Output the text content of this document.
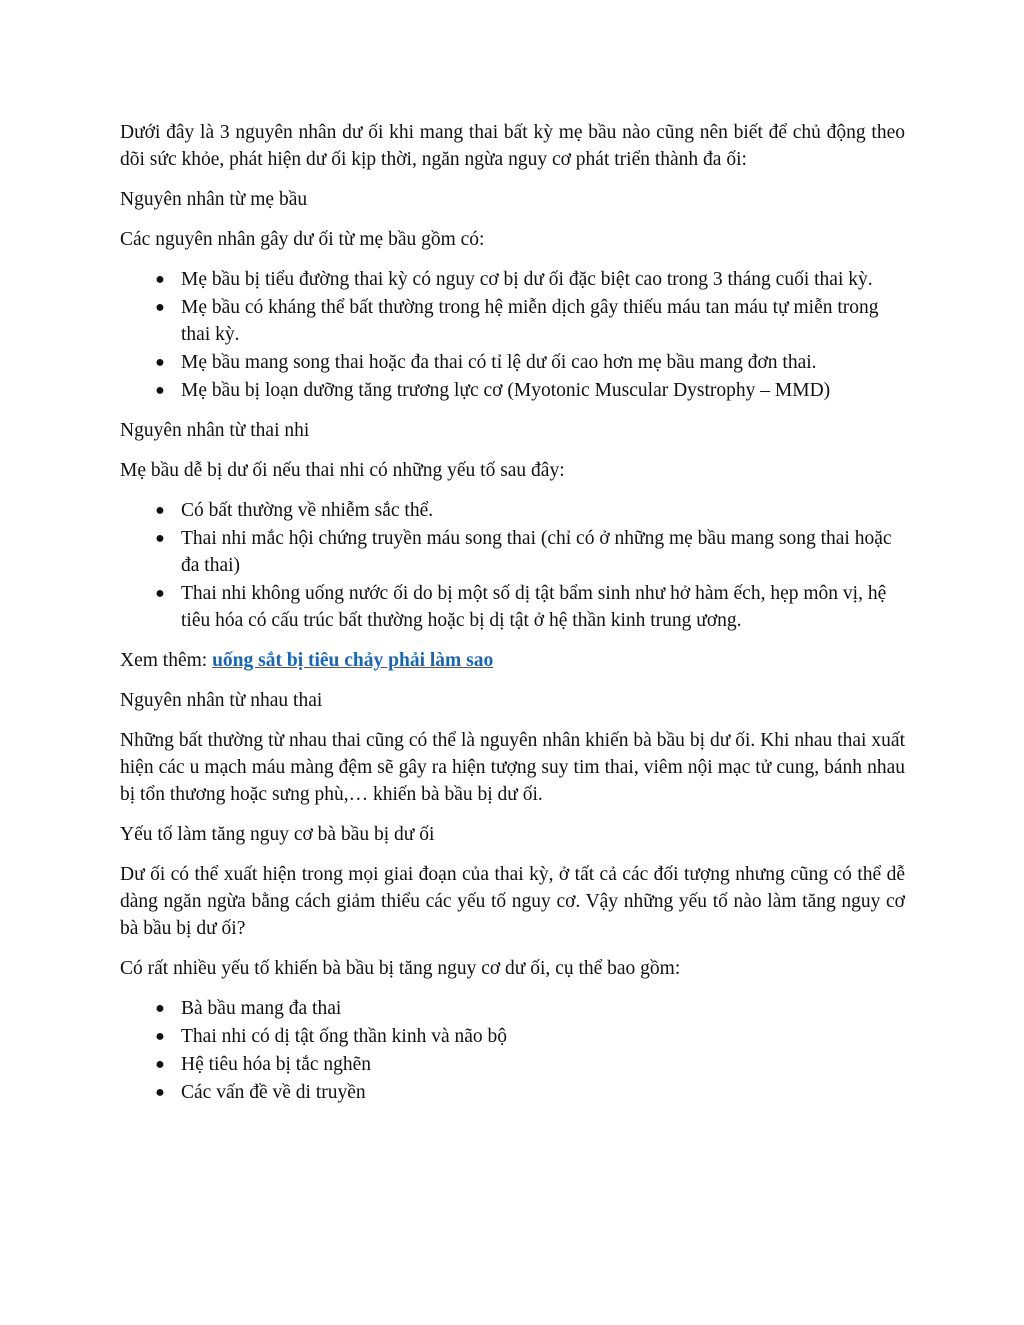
Dưới đây là 3 nguyên nhân dư ối khi mang thai bất kỳ mẹ bầu nào cũng nên biết để chủ động theo dõi sức khỏe, phát hiện dư ối kịp thời, ngăn ngừa nguy cơ phát triển thành đa ối:

Nguyên nhân từ mẹ bầu

Các nguyên nhân gây dư ối từ mẹ bầu gồm có:

● Mẹ bầu bị tiểu đường thai kỳ có nguy cơ bị dư ối đặc biệt cao trong 3 tháng cuối thai kỳ.
● Mẹ bầu có kháng thể bất thường trong hệ miễn dịch gây thiếu máu tan máu tự miễn trong thai kỳ.
● Mẹ bầu mang song thai hoặc đa thai có tỉ lệ dư ối cao hơn mẹ bầu mang đơn thai.
● Mẹ bầu bị loạn dưỡng tăng trương lực cơ (Myotonic Muscular Dystrophy – MMD)

Nguyên nhân từ thai nhi

Mẹ bầu dễ bị dư ối nếu thai nhi có những yếu tố sau đây:

● Có bất thường về nhiễm sắc thể.
● Thai nhi mắc hội chứng truyền máu song thai (chỉ có ở những mẹ bầu mang song thai hoặc đa thai)
● Thai nhi không uống nước ối do bị một số dị tật bẩm sinh như hở hàm ếch, hẹp môn vị, hệ tiêu hóa có cấu trúc bất thường hoặc bị dị tật ở hệ thần kinh trung ương.

Xem thêm: uống sắt bị tiêu chảy phải làm sao

Nguyên nhân từ nhau thai

Những bất thường từ nhau thai cũng có thể là nguyên nhân khiến bà bầu bị dư ối. Khi nhau thai xuất hiện các u mạch máu màng đệm sẽ gây ra hiện tượng suy tim thai, viêm nội mạc tử cung, bánh nhau bị tổn thương hoặc sưng phù,… khiến bà bầu bị dư ối.

Yếu tố làm tăng nguy cơ bà bầu bị dư ối

Dư ối có thể xuất hiện trong mọi giai đoạn của thai kỳ, ở tất cả các đối tượng nhưng cũng có thể dễ dàng ngăn ngừa bằng cách giảm thiểu các yếu tố nguy cơ. Vậy những yếu tố nào làm tăng nguy cơ bà bầu bị dư ối?

Có rất nhiều yếu tố khiến bà bầu bị tăng nguy cơ dư ối, cụ thể bao gồm:

● Bà bầu mang đa thai
● Thai nhi có dị tật ống thần kinh và não bộ
● Hệ tiêu hóa bị tắc nghẽn
● Các vấn đề về di truyền
